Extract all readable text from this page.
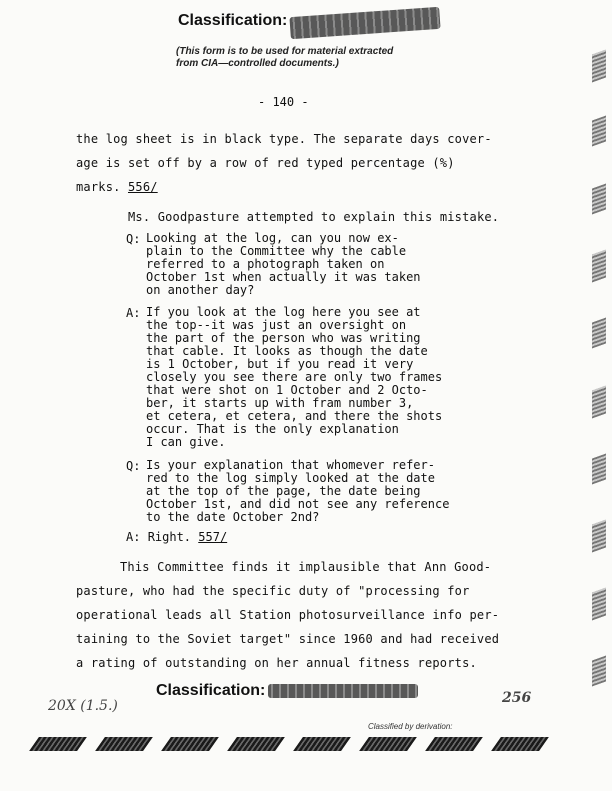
Classification:
(This form is to be used for material extracted
from CIA—controlled documents.)
- 140 -
the log sheet is in black type. The separate days cover-
age is set off by a row of red typed percentage (%)
marks. 556/
Ms. Goodpasture attempted to explain this mistake.
Q: Looking at the log, can you now ex-
plain to the Committee why the cable
referred to a photograph taken on
October 1st when actually it was taken
on another day?
A: If you look at the log here you see at
the top--it was just an oversight on
the part of the person who was writing
that cable. It looks as though the date
is 1 October, but if you read it very
closely you see there are only two frames
that were shot on 1 October and 2 Octo-
ber, it starts up with fram number 3,
et cetera, et cetera, and there the shots
occur. That is the only explanation
I can give.
Q: Is your explanation that whomever refer-
red to the log simply looked at the date
at the top of the page, the date being
October 1st, and did not see any reference
to the date October 2nd?
A: Right. 557/
This Committee finds it implausible that Ann Good-
pasture, who had the specific duty of "processing for
operational leads all Station photosurveillance info per-
taining to the Soviet target" since 1960 and had received
a rating of outstanding on her annual fitness reports.
Classification:
20X (1.5.)	256
Classified by derivation:
